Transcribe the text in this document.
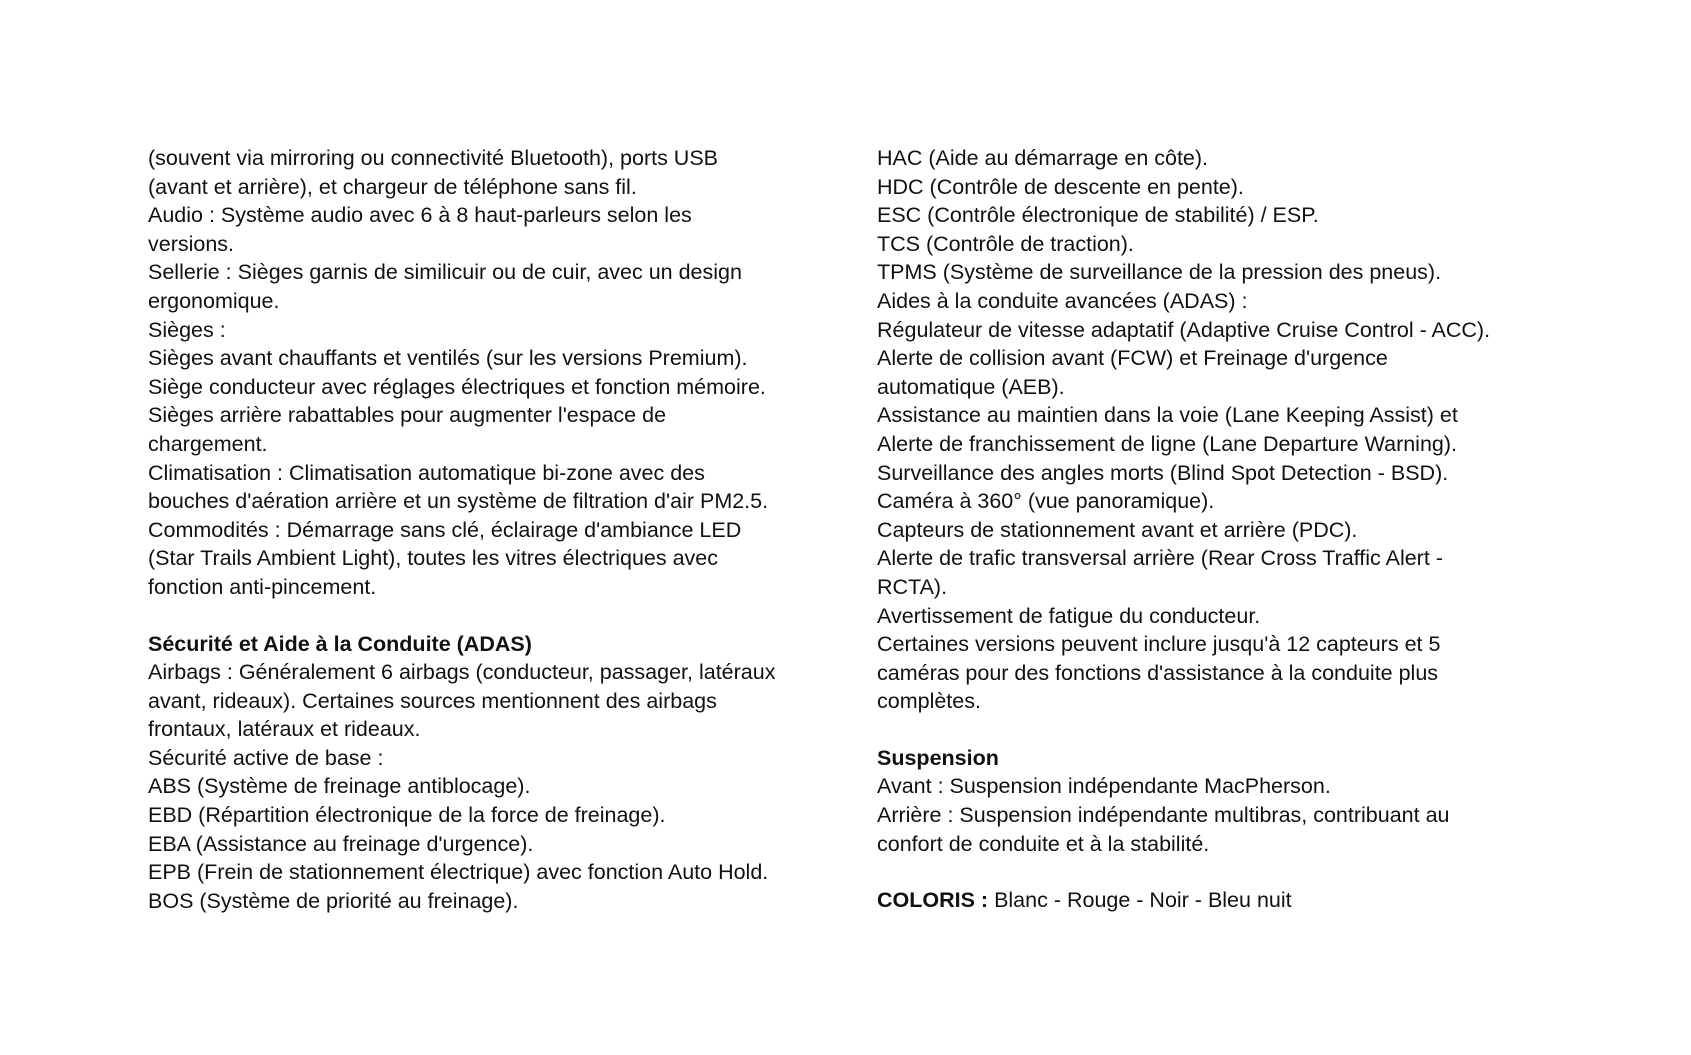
(souvent via mirroring ou connectivité Bluetooth), ports USB

(avant et arrière), et chargeur de téléphone sans fil.

Audio : Système audio avec 6 à 8 haut-parleurs selon les

versions.

Sellerie : Sièges garnis de similicuir ou de cuir, avec un design

ergonomique.

Sièges :

Sièges avant chauffants et ventilés (sur les versions Premium).

Siège conducteur avec réglages électriques et fonction mémoire.

Sièges arrière rabattables pour augmenter l'espace de

chargement.

Climatisation : Climatisation automatique bi-zone avec des

bouches d'aération arrière et un système de filtration d'air PM2.5.

Commodités : Démarrage sans clé, éclairage d'ambiance LED

(Star Trails Ambient Light), toutes les vitres électriques avec

fonction anti-pincement.

Sécurité et Aide à la Conduite (ADAS)

Airbags : Généralement 6 airbags (conducteur, passager, latéraux

avant, rideaux). Certaines sources mentionnent des airbags

frontaux, latéraux et rideaux.

Sécurité active de base :

ABS (Système de freinage antiblocage).

EBD (Répartition électronique de la force de freinage).

EBA (Assistance au freinage d'urgence).

EPB (Frein de stationnement électrique) avec fonction Auto Hold.

BOS (Système de priorité au freinage).

HAC (Aide au démarrage en côte).

HDC (Contrôle de descente en pente).

ESC (Contrôle électronique de stabilité) / ESP.

TCS (Contrôle de traction).

TPMS (Système de surveillance de la pression des pneus).

Aides à la conduite avancées (ADAS) :

Régulateur de vitesse adaptatif (Adaptive Cruise Control - ACC).

Alerte de collision avant (FCW) et Freinage d'urgence

automatique (AEB).

Assistance au maintien dans la voie (Lane Keeping Assist) et

Alerte de franchissement de ligne (Lane Departure Warning).

Surveillance des angles morts (Blind Spot Detection - BSD).

Caméra à 360° (vue panoramique).

Capteurs de stationnement avant et arrière (PDC).

Alerte de trafic transversal arrière (Rear Cross Traffic Alert -

RCTA).

Avertissement de fatigue du conducteur.

Certaines versions peuvent inclure jusqu'à 12 capteurs et 5

caméras pour des fonctions d'assistance à la conduite plus

complètes.

Suspension

Avant : Suspension indépendante MacPherson.

Arrière : Suspension indépendante multibras, contribuant au

confort de conduite et à la stabilité.

COLORIS : Blanc - Rouge - Noir - Bleu nuit
